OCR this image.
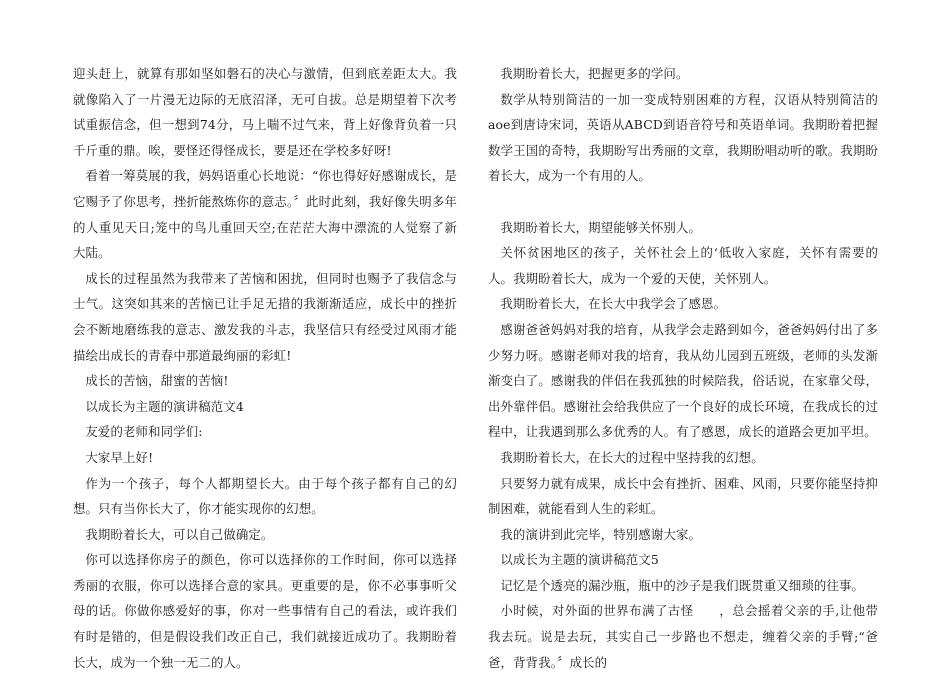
迎头赶上，就算有那如坚如磐石的决心与激情，但到底差距太大。我就像陷入了一片漫无边际的无底沼泽，无可自拔。总是期望着下次考试重振信念，但一想到74分，马上喘不过气来，背上好像背负着一只千斤重的鼎。唉，要怪还得怪成长，要是还在学校多好呀!

看着一筹莫展的我，妈妈语重心长地说：“你也得好好感谢成长，是它赐予了你思考，挫折能熬炼你的意志。〞此时此刻，我好像失明多年的人重见天日;笼中的鸟儿重回天空;在茫茫大海中漂流的人觉察了新大陆。

成长的过程虽然为我带来了苦恼和困扰，但同时也赐予了我信念与士气。这突如其来的苦恼已让手足无措的我渐渐适应，成长中的挫折会不断地磨练我的意志、激发我的斗志，我坚信只有经受过风雨才能描绘出成长的青春中那道最绚丽的彩虹!

成长的苦恼，甜蜜的苦恼!

以成长为主题的演讲稿范文4

友爱的老师和同学们:

大家早上好!

作为一个孩子，每个人都期望长大。由于每个孩子都有自己的幻想。只有当你长大了，你才能实现你的幻想。

我期盼着长大，可以自己做确定。

你可以选择你房子的颜色，你可以选择你的工作时间，你可以选择秀丽的衣服，你可以选择合意的家具。更重要的是，你不必事事听父母的话。你做你感爱好的事，你对一些事情有自己的看法，或许我们有时是错的，但是假设我们改正自己，我们就接近成功了。我期盼着长大，成为一个独一无二的人。

我期盼着长大，把握更多的学问。

数学从特别简洁的一加一变成特别困难的方程，汉语从特别简洁的aoe到唐诗宋词，英语从ABCD到语音符号和英语单词。我期盼着把握数学王国的奇特，我期盼写出秀丽的文章，我期盼唱动听的歌。我期盼着长大，成为一个有用的人。

我期盼着长大，期望能够关怀别人。

关怀贫困地区的孩子，关怀社会上的‘低收入家庭，关怀有需要的人。我期盼着长大，成为一个爱的天使，关怀别人。

我期盼着长大，在长大中我学会了感恩。

感谢爸爸妈妈对我的培育，从我学会走路到如今，爸爸妈妈付出了多少努力呀。感谢老师对我的培育，我从幼儿园到五班级，老师的头发渐渐变白了。感谢我的伴侣在我孤独的时候陪我，俗话说，在家靠父母，出外靠伴侣。感谢社会给我供应了一个良好的成长环境，在我成长的过程中，让我遇到那么多优秀的人。有了感恩，成长的道路会更加平坦。

我期盼着长大，在长大的过程中坚持我的幻想。

只要努力就有成果，成长中会有挫折、困难、风雨，只要你能坚持抑制困难，就能看到人生的彩虹。

我的演讲到此完毕，特别感谢大家。

以成长为主题的演讲稿范文5

记忆是个透亮的漏沙瓶，瓶中的沙子是我们既贯重又细琐的往事。

小时候，对外面的世界布满了古怪　　，总会摇着父亲的手,让他带我去玩。说是去玩，其实自己一步路也不想走，缠着父亲的手臂;“爸爸，背背我。〞成长的
